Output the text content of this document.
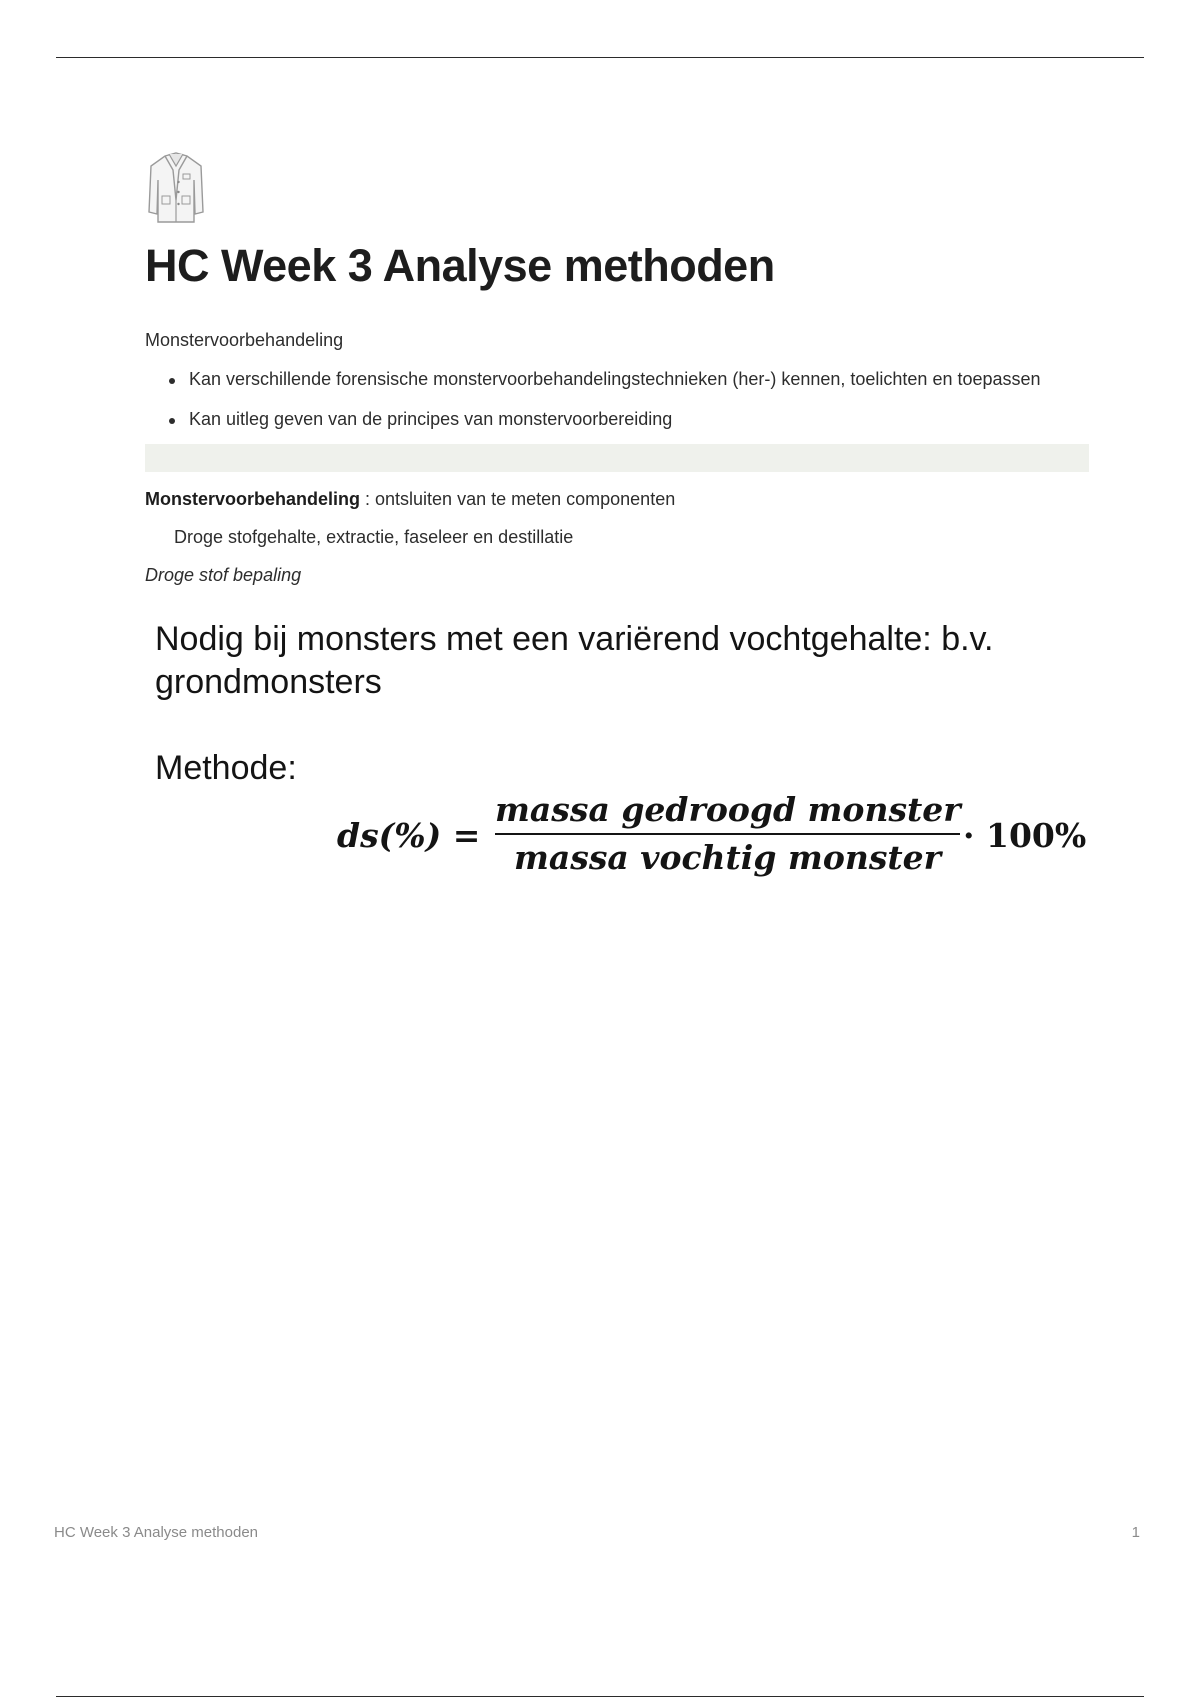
HC Week 3 Analyse methoden
Monstervoorbehandeling
Kan verschillende forensische monstervoorbehandelingstechnieken (her-) kennen, toelichten en toepassen
Kan uitleg geven van de principes van monstervoorbereiding
Monstervoorbehandeling : ontsluiten van te meten componenten
Droge stofgehalte, extractie, faseleer en destillatie
Droge stof bepaling
Nodig bij monsters met een variërend vochtgehalte: b.v. grondmonsters
Methode:
ds(%) =
massa gedroogd monster
massa vochtig monster
· 100%
HC Week 3 Analyse methoden	1
